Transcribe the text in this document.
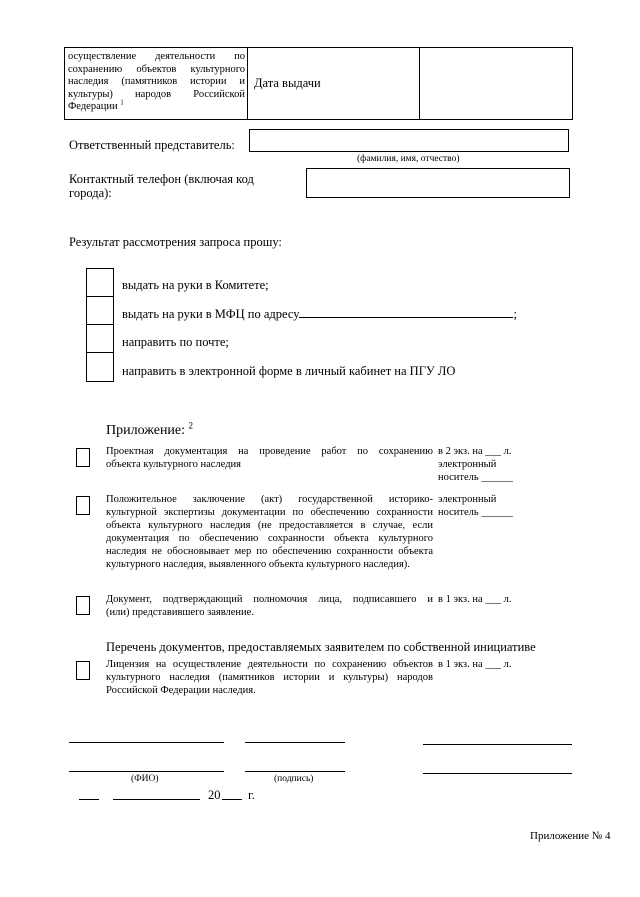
осуществление деятельности по
сохранению объектов культурного
наследия (памятников истории и
культуры) народов Российской
Федерации $^1$
Дата выдачи
Ответственный представитель:
(фамилия, имя, отчество)
Контактный телефон (включая код
города):
Результат рассмотрения запроса прошу:
выдать на руки в Комитете;
выдать на руки в МФЦ по адресу	;
направить по почте;
направить в электронной форме в личный кабинет на ПГУ ЛО
Приложение: $^2$
Проектная документация на проведение работ по сохранению
объекта культурного наследия
в 2 экз. на ___ л.
электронный
носитель ______
Положительное заключение (акт) государственной историко-
культурной экспертизы документации по обеспечению сохранности
объекта культурного наследия (не предоставляется в случае, если
документация по обеспечению сохранности объекта культурного
наследия не обосновывает мер по обеспечению сохранности объекта
культурного наследия, выявленного объекта культурного наследия).
электронный
носитель ______
Документ, подтверждающий полномочия лица, подписавшего и
(или) представившего заявление.
в 1 экз. на ___ л.
Перечень документов, предоставляемых заявителем по собственной инициативе
Лицензия на осуществление деятельности по сохранению объектов
культурного наследия (памятников истории и культуры) народов
Российской Федерации наследия.
в 1 экз. на ___ л.
(ФИО)	(подпись)
20 г.
Приложение № 4
